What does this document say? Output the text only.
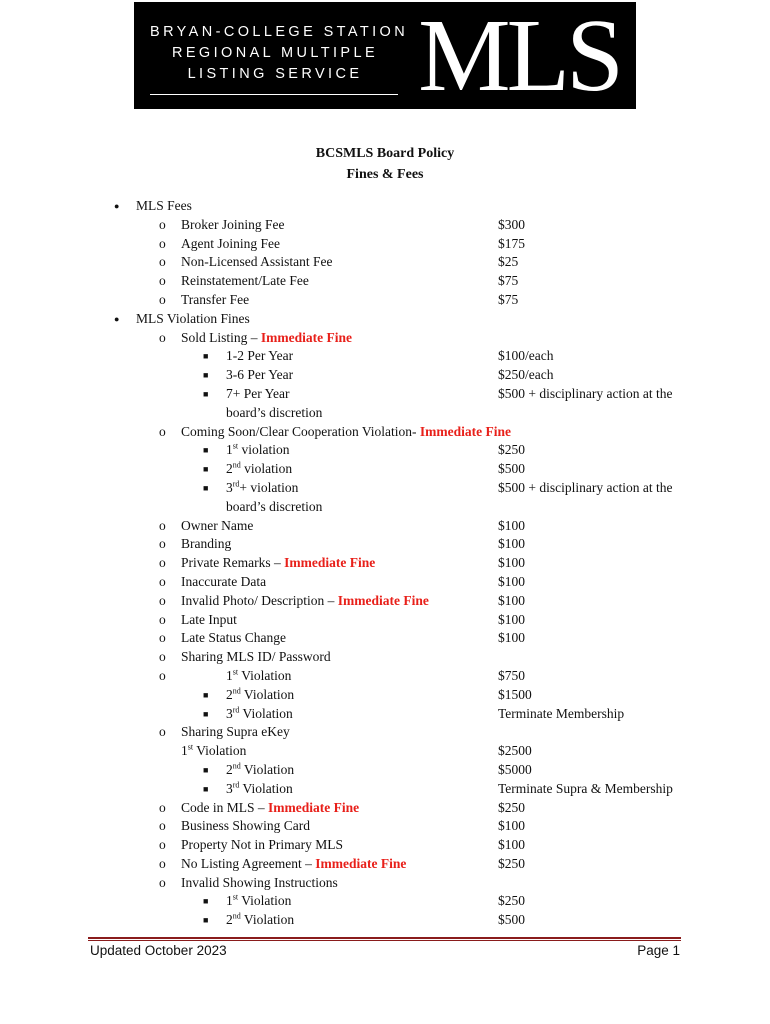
BRYAN-COLLEGE STATION
REGIONAL MULTIPLE
LISTING SERVICE MLS
BCSMLS Board Policy
Fines & Fees
● MLS Fees
o Broker Joining Fee	$300
o Agent Joining Fee	$175
o Non-Licensed Assistant Fee	$25
o Reinstatement/Late Fee	$75
o Transfer Fee	$75
● MLS Violation Fines
o Sold Listing – Immediate Fine
■ 1-2 Per Year	$100/each
■ 3-6 Per Year	$250/each
■ 7+ Per Year	$500 + disciplinary action at the
board’s discretion
o Coming Soon/Clear Cooperation Violation- Immediate Fine
■ 1st violation	$250
■ 2nd violation	$500
■ 3rd+ violation	$500 + disciplinary action at the
board’s discretion
o Owner Name	$100
o Branding	$100
o Private Remarks – Immediate Fine	$100
o Inaccurate Data	$100
o Invalid Photo/ Description – Immediate Fine	$100
o Late Input	$100
o Late Status Change	$100
o Sharing MLS ID/ Password
o	1st Violation	$750
■ 2nd Violation	$1500
■ 3rd Violation	Terminate Membership
o Sharing Supra eKey
1st Violation	$2500
■ 2nd Violation	$5000
■ 3rd Violation	Terminate Supra & Membership
o Code in MLS – Immediate Fine	$250
o Business Showing Card	$100
o Property Not in Primary MLS	$100
o No Listing Agreement – Immediate Fine	$250
o Invalid Showing Instructions
■ 1st Violation	$250
■ 2nd Violation	$500
Updated October 2023	Page 1
